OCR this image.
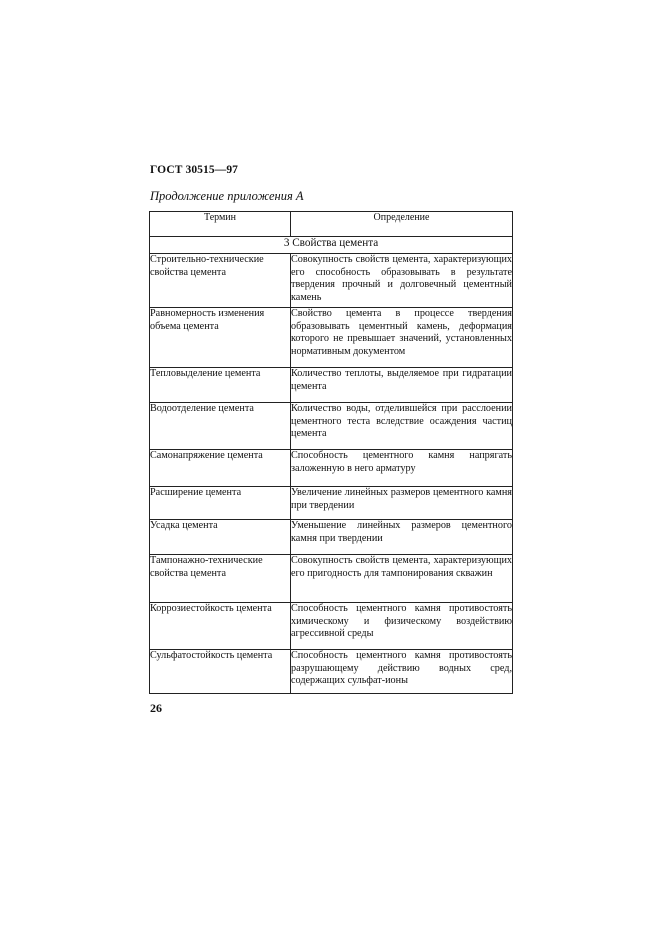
ГОСТ 30515—97
Продолжение приложения А
Термин	Определение
3 Свойства цемента	
Строительно-технические свойства цемента	Совокупность свойств цемента, характеризующих его способность образовывать в результате твердения прочный и долговечный цементный камень
Равномерность изменения объема цемента	Свойство цемента в процессе твердения образовывать цементный камень, деформация которого не превышает значений, установленных нормативным документом
Тепловыделение цемента	Количество теплоты, выделяемое при гидратации цемента
Водоотделение цемента	Количество воды, отделившейся при расслоении цементного теста вследствие осаждения частиц цемента
Самонапряжение цемента	Способность цементного камня напрягать заложенную в него арматуру
Расширение цемента	Увеличение линейных размеров цементного камня при твердении
Усадка цемента	Уменьшение линейных размеров цементного камня при твердении
Тампонажно-технические свойства цемента	Совокупность свойств цемента, характеризующих его пригодность для тампонирования скважин
Коррозиестойкость цемента	Способность цементного камня противостоять химическому и физическому воздействию агрессивной среды
Сульфатостойкость цемента	Способность цементного камня противостоять разрушающему действию водных сред, содержащих сульфат-ионы
26
